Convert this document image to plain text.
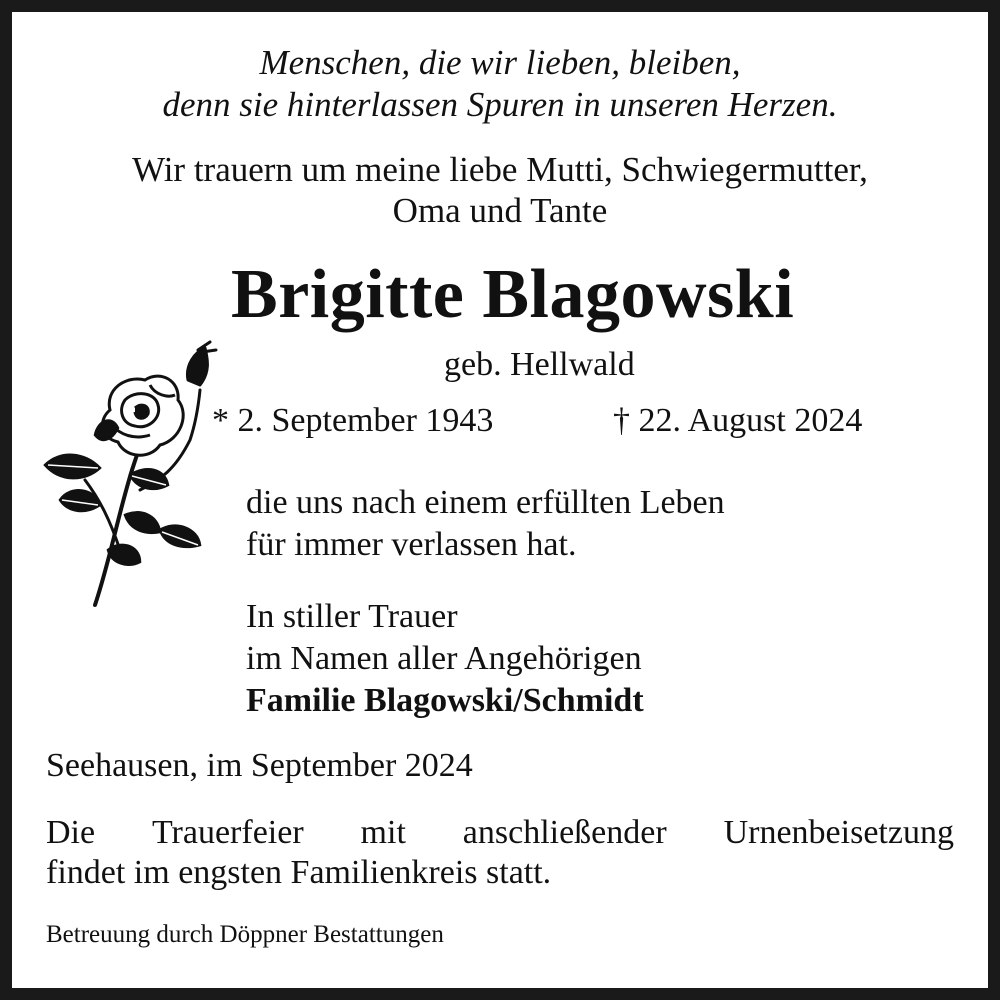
Menschen, die wir lieben, bleiben,
denn sie hinterlassen Spuren in unseren Herzen.
Wir trauern um meine liebe Mutti, Schwiegermutter,
Oma und Tante
Brigitte Blagowski
geb. Hellwald
* 2. September 1943	† 22. August 2024
die uns nach einem erfüllten Leben
für immer verlassen hat.
In stiller Trauer
im Namen aller Angehörigen
Familie Blagowski/Schmidt
Seehausen, im September 2024
Die Trauerfeier mit anschließender Urnenbeisetzung
findet im engsten Familienkreis statt.
Betreuung durch Döppner Bestattungen
